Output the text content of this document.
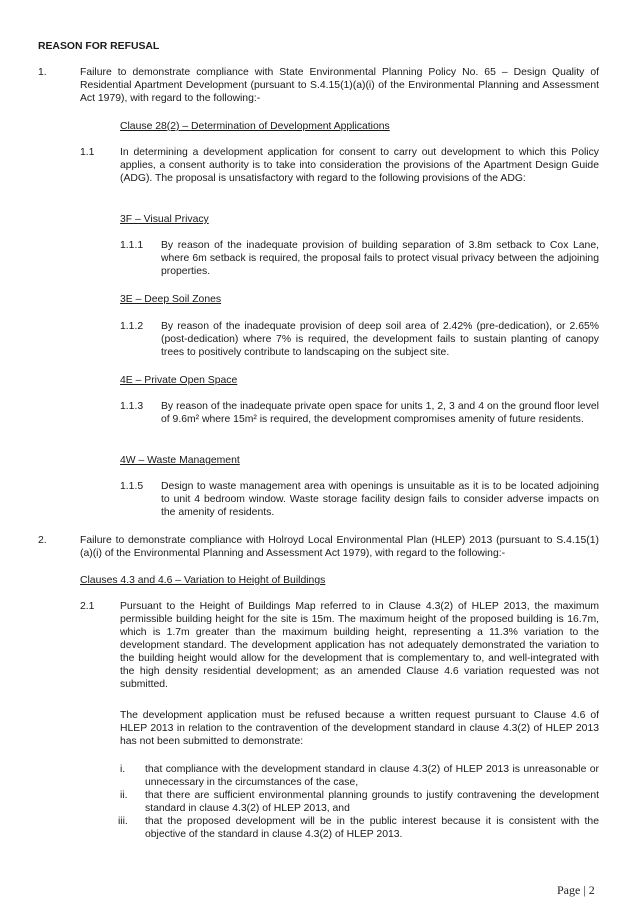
REASON FOR REFUSAL
1.	Failure to demonstrate compliance with State Environmental Planning Policy No. 65 – Design Quality of Residential Apartment Development (pursuant to S.4.15(1)(a)(i) of the Environmental Planning and Assessment Act 1979), with regard to the following:-
Clause 28(2) – Determination of Development Applications
1.1 In determining a development application for consent to carry out development to which this Policy applies, a consent authority is to take into consideration the provisions of the Apartment Design Guide (ADG). The proposal is unsatisfactory with regard to the following provisions of the ADG:
3F – Visual Privacy
1.1.1 By reason of the inadequate provision of building separation of 3.8m setback to Cox Lane, where 6m setback is required, the proposal fails to protect visual privacy between the adjoining properties.
3E – Deep Soil Zones
1.1.2 By reason of the inadequate provision of deep soil area of 2.42% (pre-dedication), or 2.65% (post-dedication) where 7% is required, the development fails to sustain planting of canopy trees to positively contribute to landscaping on the subject site.
4E – Private Open Space
1.1.3 By reason of the inadequate private open space for units 1, 2, 3 and 4 on the ground floor level of 9.6m² where 15m² is required, the development compromises amenity of future residents.
4W – Waste Management
1.1.5 Design to waste management area with openings is unsuitable as it is to be located adjoining to unit 4 bedroom window. Waste storage facility design fails to consider adverse impacts on the amenity of residents.
2.	Failure to demonstrate compliance with Holroyd Local Environmental Plan (HLEP) 2013 (pursuant to S.4.15(1)(a)(i) of the Environmental Planning and Assessment Act 1979), with regard to the following:-
Clauses 4.3 and 4.6 – Variation to Height of Buildings
2.1 Pursuant to the Height of Buildings Map referred to in Clause 4.3(2) of HLEP 2013, the maximum permissible building height for the site is 15m. The maximum height of the proposed building is 16.7m, which is 1.7m greater than the maximum building height, representing a 11.3% variation to the development standard. The development application has not adequately demonstrated the variation to the building height would allow for the development that is complementary to, and well-integrated with the high density residential development; as an amended Clause 4.6 variation requested was not submitted.
The development application must be refused because a written request pursuant to Clause 4.6 of HLEP 2013 in relation to the contravention of the development standard in clause 4.3(2) of HLEP 2013 has not been submitted to demonstrate:
i. that compliance with the development standard in clause 4.3(2) of HLEP 2013 is unreasonable or unnecessary in the circumstances of the case,
ii. that there are sufficient environmental planning grounds to justify contravening the development standard in clause 4.3(2) of HLEP 2013, and
iii. that the proposed development will be in the public interest because it is consistent with the objective of the standard in clause 4.3(2) of HLEP 2013.
Page | 2
